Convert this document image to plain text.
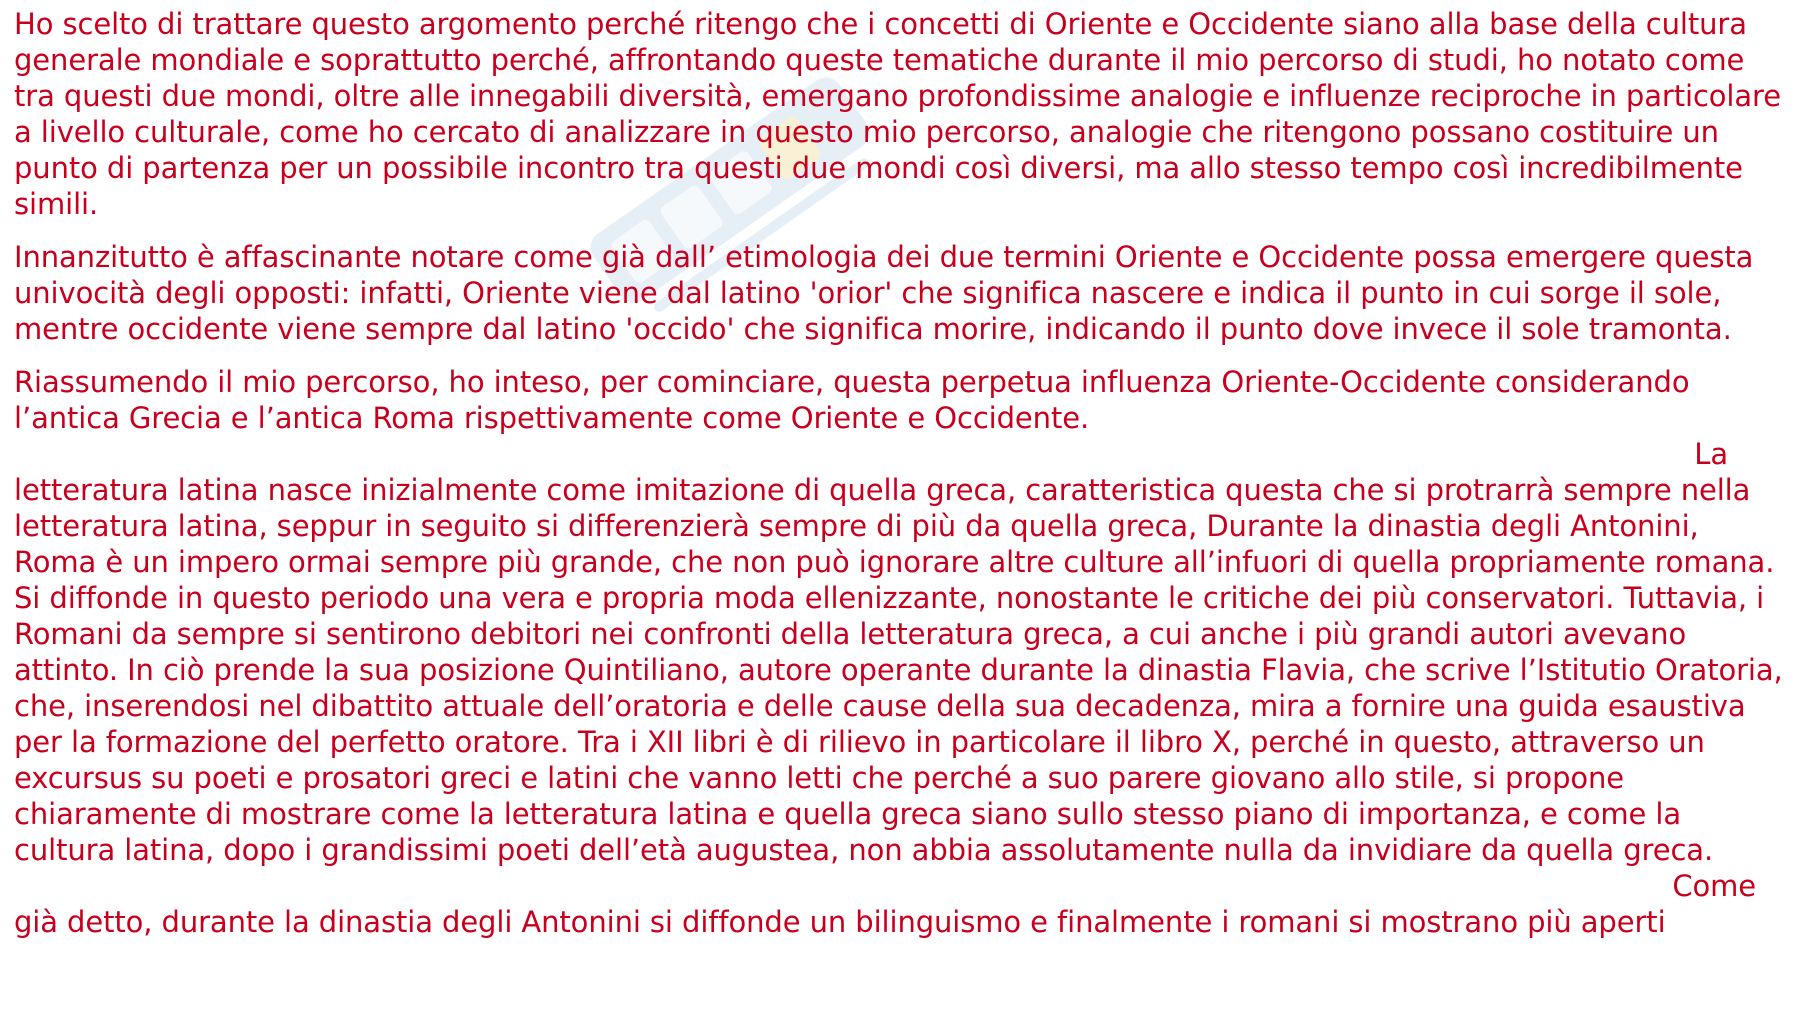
Ho scelto di trattare questo argomento perché ritengo che i concetti di Oriente e Occidente siano alla base della cultura generale mondiale e soprattutto perché, affrontando queste tematiche durante il mio percorso di studi, ho notato come tra questi due mondi, oltre alle innegabili diversità, emergano profondissime analogie e influenze reciproche in particolare a livello culturale, come ho cercato di analizzare in questo mio percorso, analogie che ritengono possano costituire un punto di partenza per un possibile incontro tra questi due mondi così diversi, ma allo stesso tempo così incredibilmente simili.

Innanzitutto è affascinante notare come già dall’ etimologia dei due termini Oriente e Occidente possa emergere questa univocità degli opposti: infatti, Oriente viene dal latino 'orior' che significa nascere e indica il punto in cui sorge il sole, mentre occidente viene sempre dal latino 'occido' che significa morire, indicando il punto dove invece il sole tramonta.

Riassumendo il mio percorso, ho inteso, per cominciare, questa perpetua influenza Oriente-Occidente considerando l’antica Grecia e l’antica Roma rispettivamente come Oriente e Occidente.
La

letteratura latina nasce inizialmente come imitazione di quella greca, caratteristica questa che si protrarrà sempre nella letteratura latina, seppur in seguito si differenzierà sempre di più da quella greca, Durante la dinastia degli Antonini, Roma è un impero ormai sempre più grande, che non può ignorare altre culture all’infuori di quella propriamente romana. Si diffonde in questo periodo una vera e propria moda ellenizzante, nonostante le critiche dei più conservatori. Tuttavia, i Romani da sempre si sentirono debitori nei confronti della letteratura greca, a cui anche i più grandi autori avevano attinto. In ciò prende la sua posizione Quintiliano, autore operante durante la dinastia Flavia, che scrive l’Istitutio Oratoria, che, inserendosi nel dibattito attuale dell’oratoria e delle cause della sua decadenza, mira a fornire una guida esaustiva per la formazione del perfetto oratore. Tra i XII libri è di rilievo in particolare il libro X, perché in questo, attraverso un excursus su poeti e prosatori greci e latini che vanno letti che perché a suo parere giovano allo stile, si propone chiaramente di mostrare come la letteratura latina e quella greca siano sullo stesso piano di importanza, e come la cultura latina, dopo i grandissimi poeti dell’età augustea, non abbia assolutamente nulla da invidiare da quella greca.
Come

già detto, durante la dinastia degli Antonini si diffonde un bilinguismo e finalmente i romani si mostrano più aperti
